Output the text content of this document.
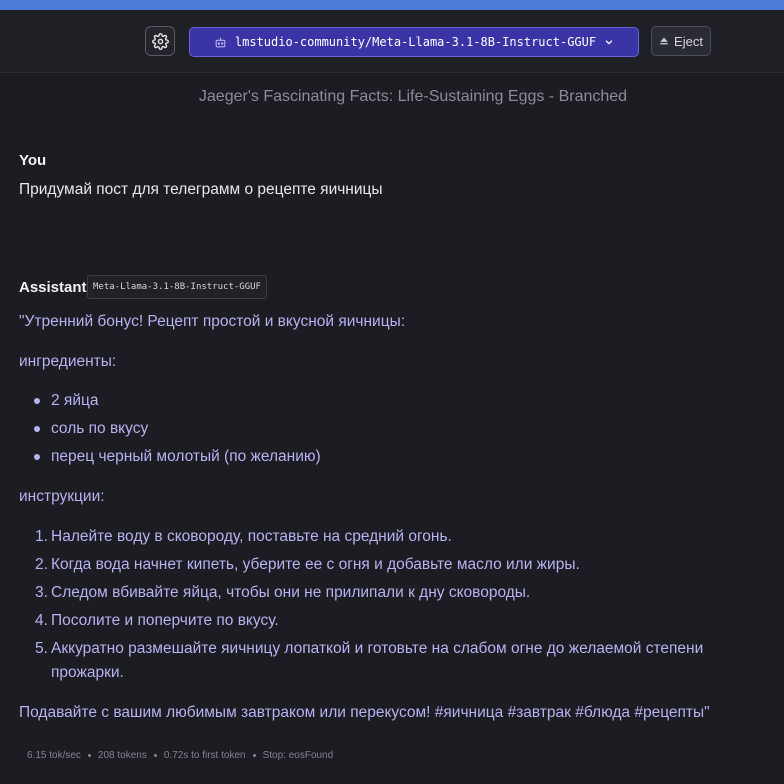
lmstudio-community/Meta-Llama-3.1-8B-Instruct-GGUF	Eject
Jaeger's Fascinating Facts: Life-Sustaining Eggs - Branched
You
Придумай пост для телеграмм о рецепте яичницы
Assistant Meta-Llama-3.1-8B-Instruct-GGUF
"Утренний бонус! Рецепт простой и вкусной яичницы:
ингредиенты:
2 яйца
соль по вкусу
перец черный молотый (по желанию)
инструкции:
1. Налейте воду в сковороду, поставьте на средний огонь.
2. Когда вода начнет кипеть, уберите ее с огня и добавьте масло или жиры.
3. Следом вбивайте яйца, чтобы они не прилипали к дну сковороды.
4. Посолите и поперчите по вкусу.
5. Аккуратно размешайте яичницу лопаткой и готовьте на слабом огне до желаемой степени прожарки.
Подавайте с вашим любимым завтраком или перекусом! #яичница #завтрак #блюда #рецепты"
6.15 tok/sec 208 tokens 0.72s to first token Stop: eosFound
